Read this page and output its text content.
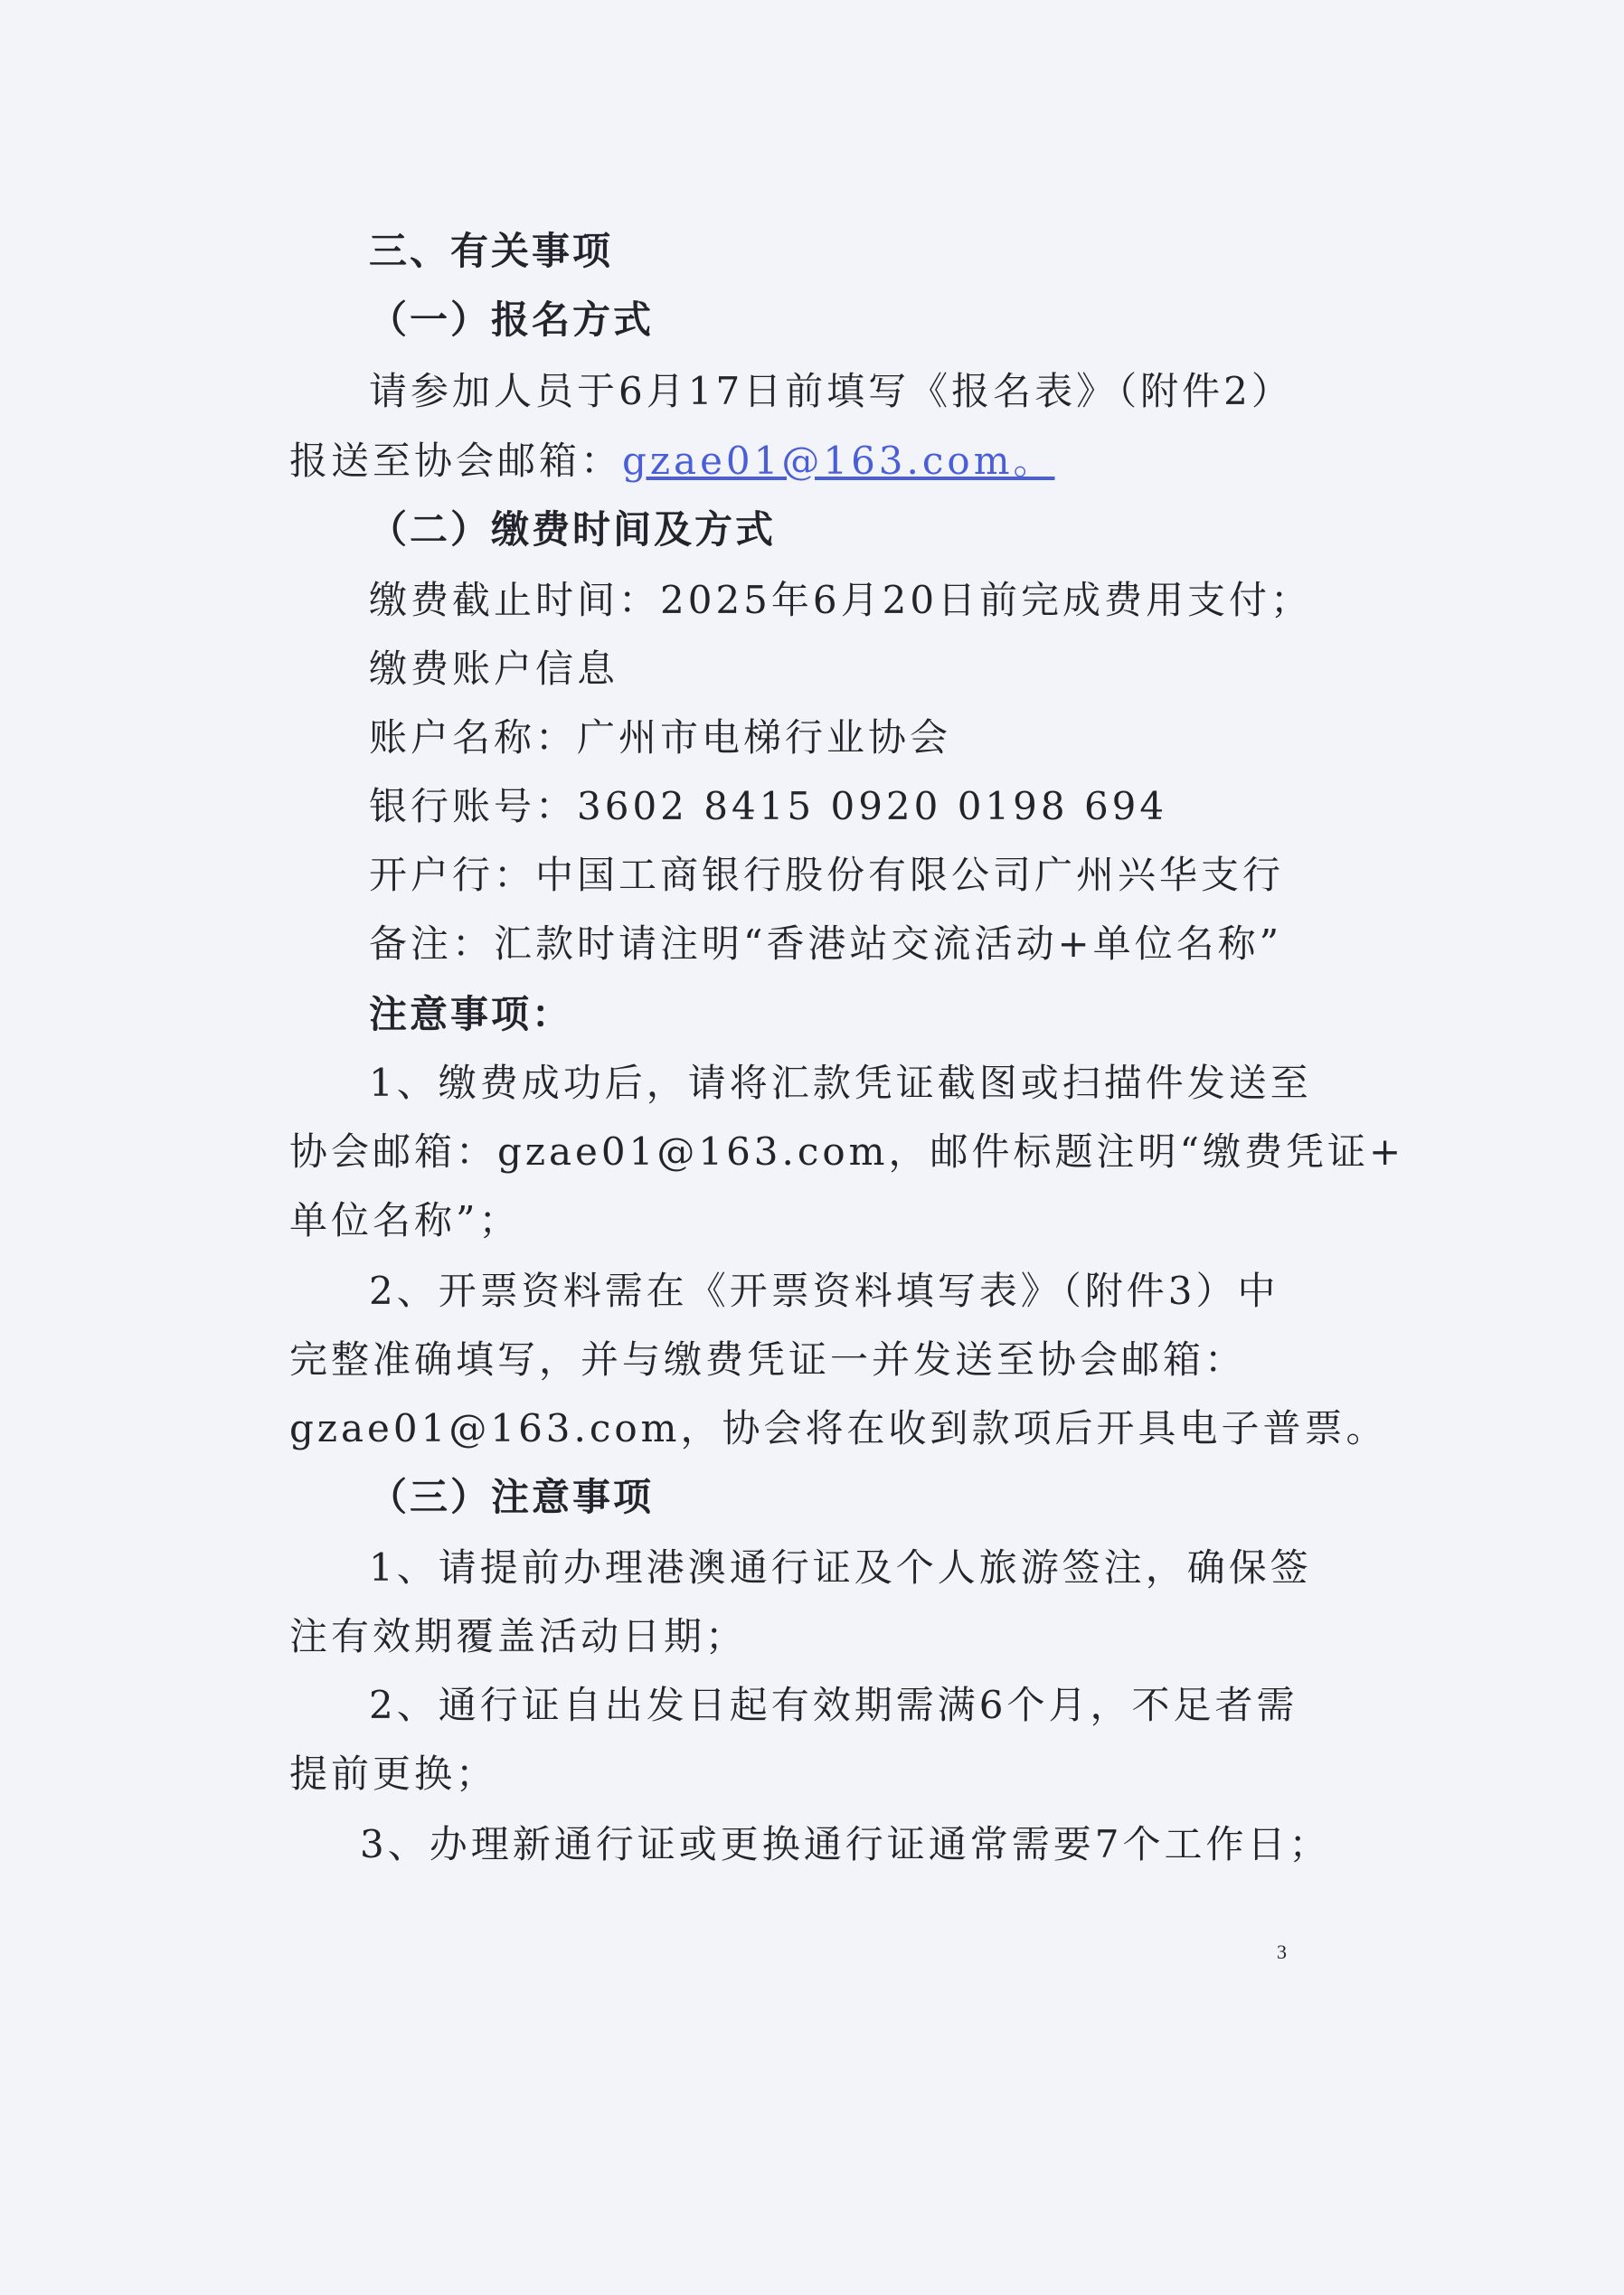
三、有关事项
（一）报名方式
请参加人员于6月17日前填写《报名表》（附件2）
报送至协会邮箱：gzae01@163.com。
（二）缴费时间及方式
缴费截止时间：2025年6月20日前完成费用支付；
缴费账户信息
账户名称：广州市电梯行业协会
银行账号：3602 8415 0920 0198 694
开户行：中国工商银行股份有限公司广州兴华支行
备注：汇款时请注明“香港站交流活动+单位名称”
注意事项：
1、缴费成功后，请将汇款凭证截图或扫描件发送至
协会邮箱：gzae01@163.com，邮件标题注明“缴费凭证+
单位名称”；
2、开票资料需在《开票资料填写表》（附件3）中
完整准确填写，并与缴费凭证一并发送至协会邮箱：
gzae01@163.com，协会将在收到款项后开具电子普票。
（三）注意事项
1、请提前办理港澳通行证及个人旅游签注，确保签
注有效期覆盖活动日期；
2、通行证自出发日起有效期需满6个月，不足者需
提前更换；
3、办理新通行证或更换通行证通常需要7个工作日；
3
